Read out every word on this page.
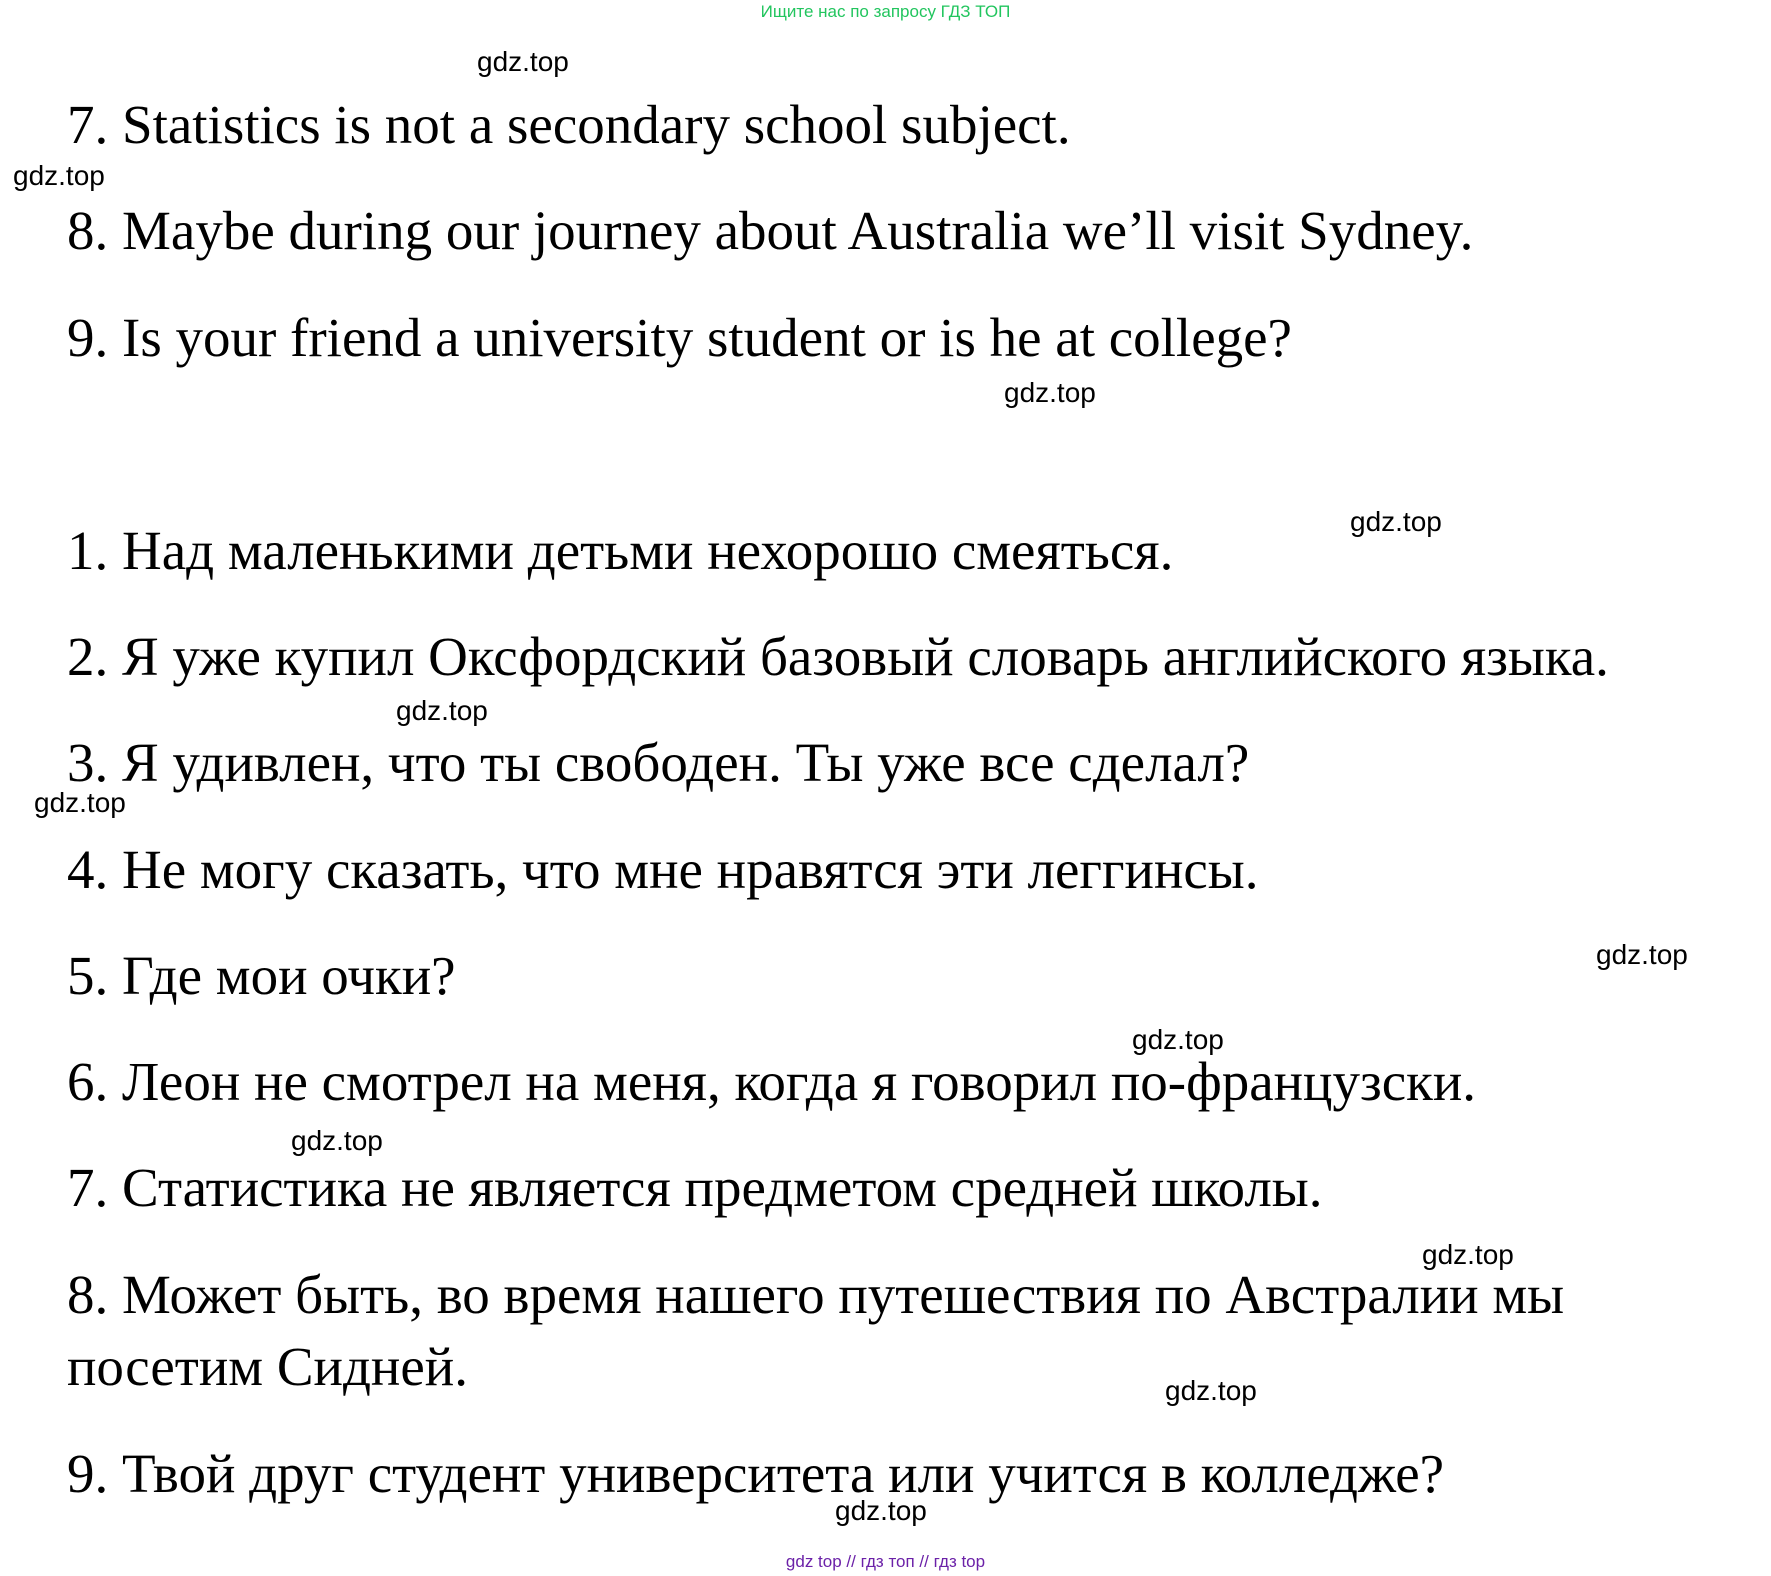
Ищите нас по запросу ГДЗ ТОП
7. Statistics is not a secondary school subject.
8. Maybe during our journey about Australia we’ll visit Sydney.
9. Is your friend a university student or is he at college?
1. Над маленькими детьми нехорошо смеяться.
2. Я уже купил Оксфордский базовый словарь английского языка.
3. Я удивлен, что ты свободен. Ты уже все сделал?
4. Не могу сказать, что мне нравятся эти леггинсы.
5. Где мои очки?
6. Леон не смотрел на меня, когда я говорил по-французски.
7. Статистика не является предметом средней школы.
8. Может быть, во время нашего путешествия по Австралии мы
посетим Сидней.
9. Твой друг студент университета или учится в колледже?
gdz.top
gdz.top
gdz.top
gdz.top
gdz.top
gdz.top
gdz.top
gdz.top
gdz.top
gdz.top
gdz.top
gdz.top
gdz top // гдз топ // гдз top
